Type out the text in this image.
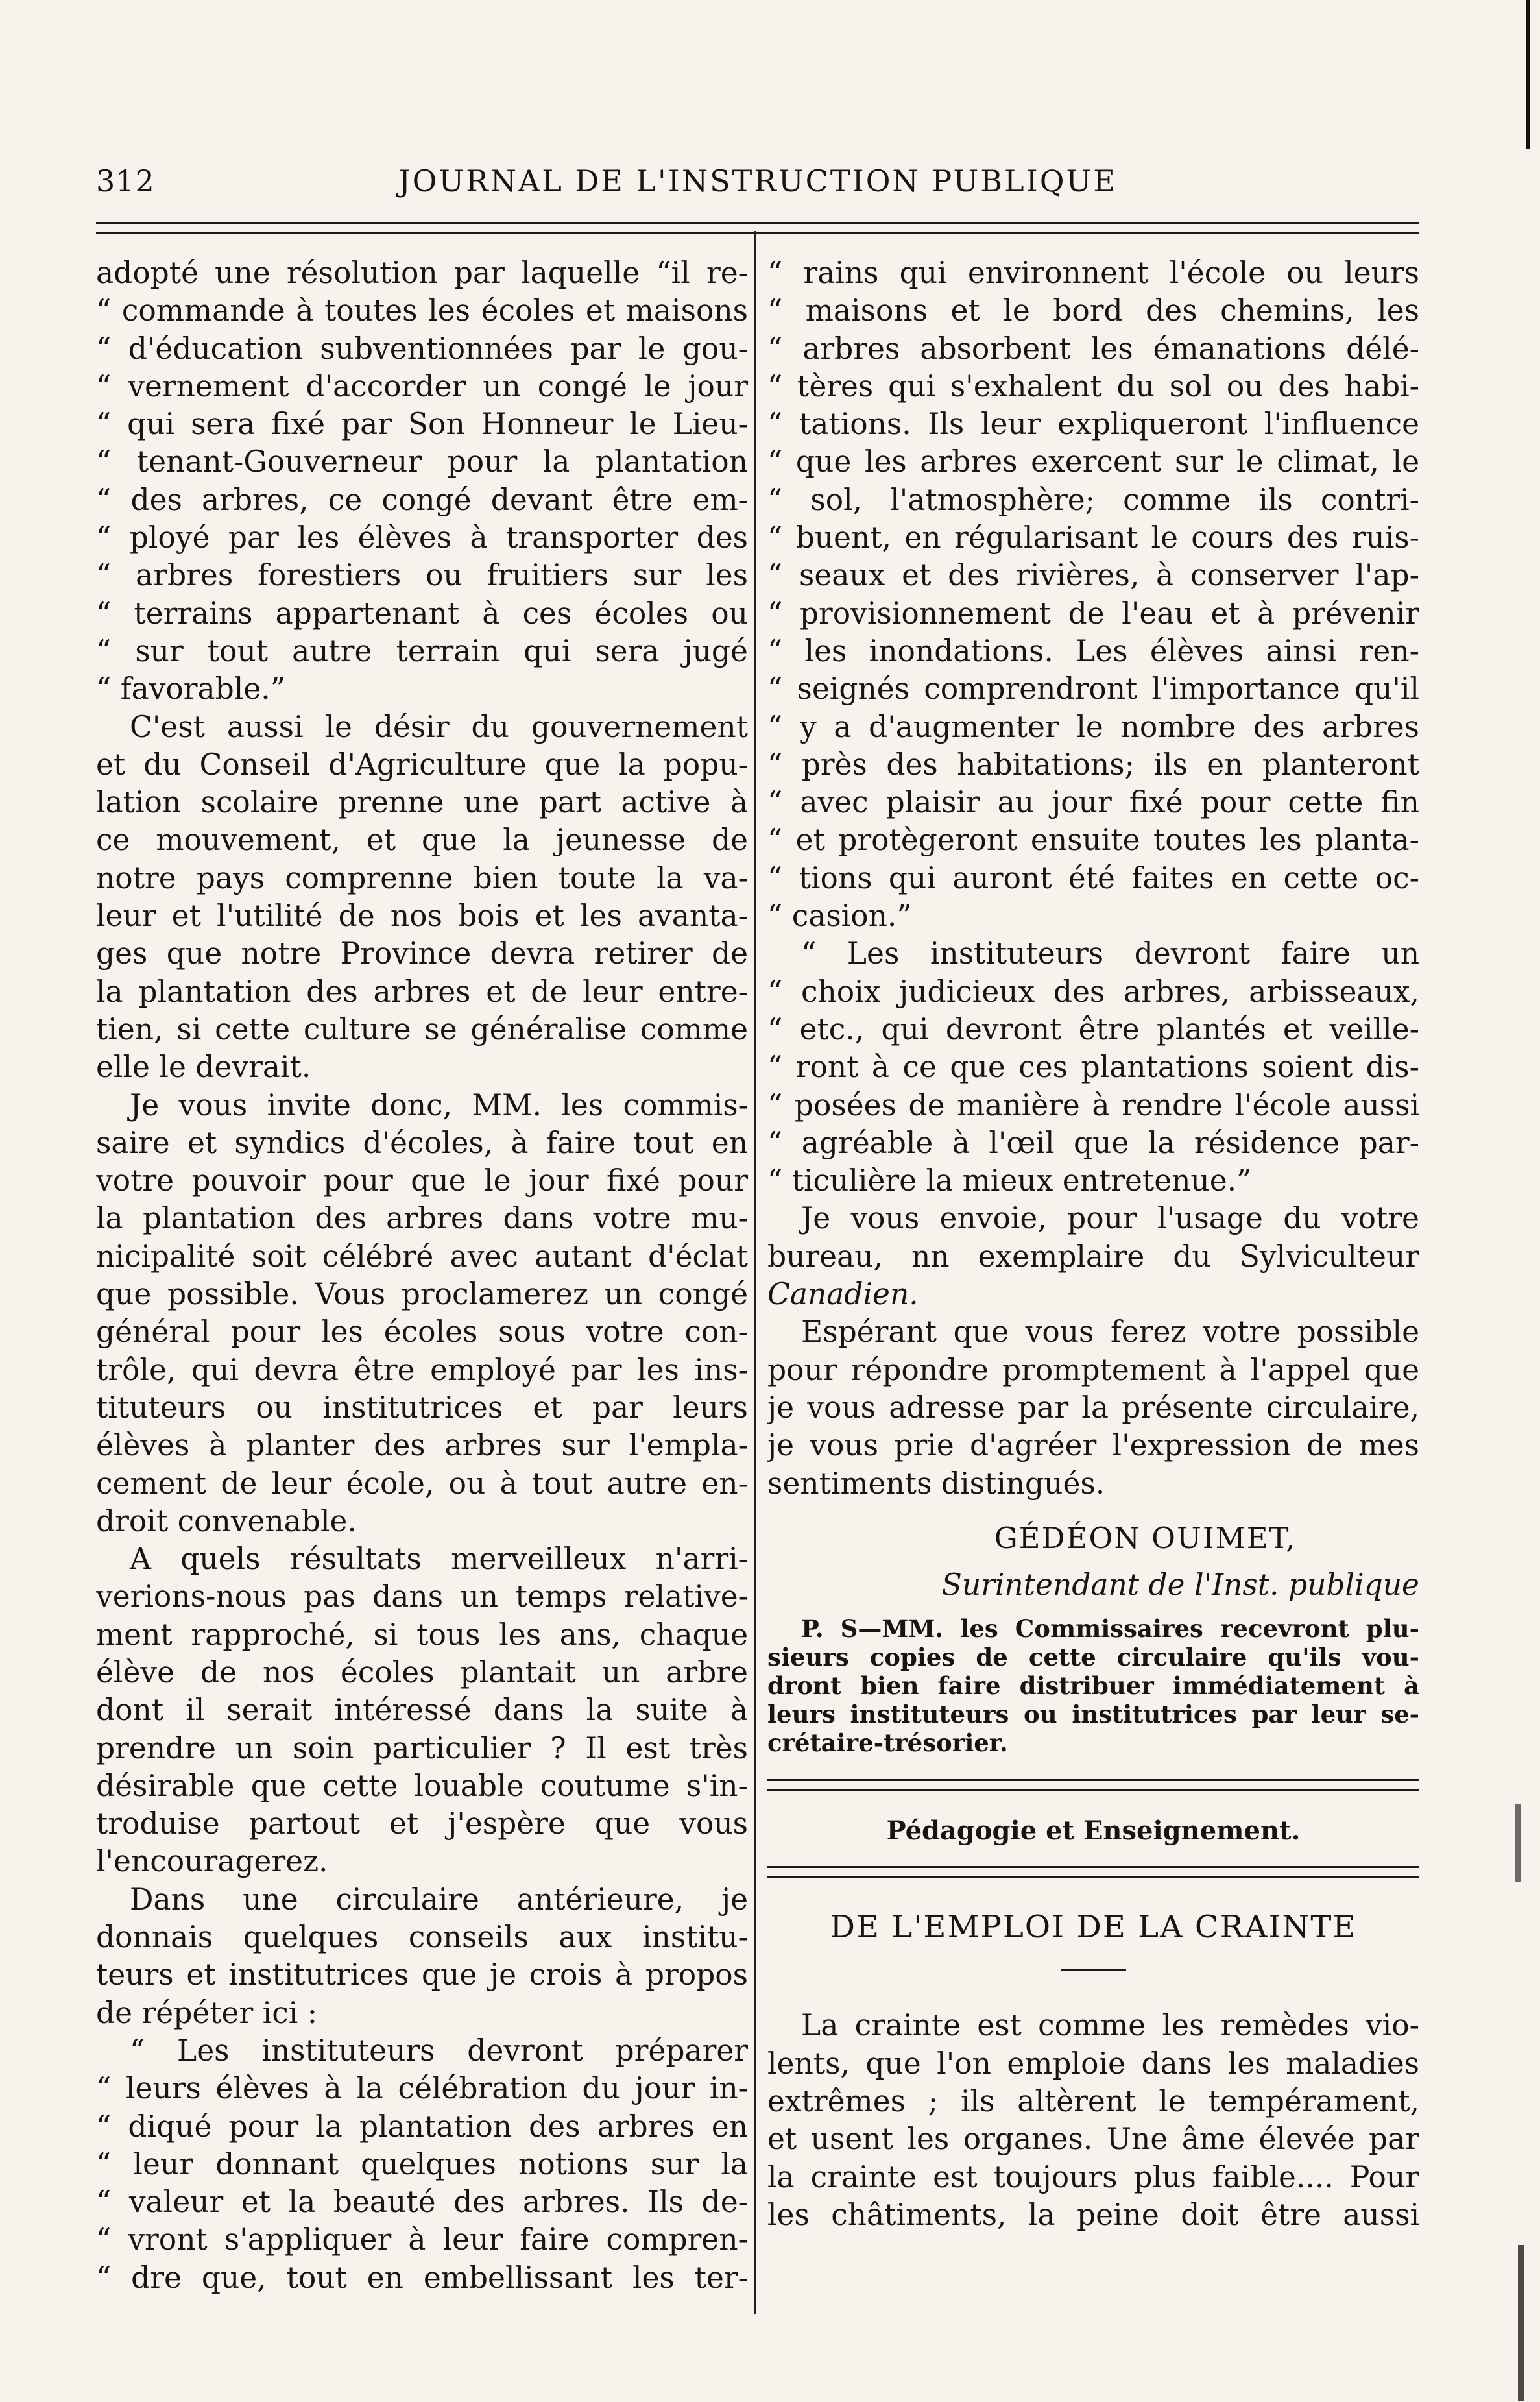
312	JOURNAL DE L'INSTRUCTION PUBLIQUE
adopté une résolution par laquelle “il re-
“ commande à toutes les écoles et maisons
“ d'éducation subventionnées par le gou-
“ vernement d'accorder un congé le jour
“ qui sera fixé par Son Honneur le Lieu-
“ tenant-Gouverneur pour la plantation
“ des arbres, ce congé devant être em-
“ ployé par les élèves à transporter des
“ arbres forestiers ou fruitiers sur les
“ terrains appartenant à ces écoles ou
“ sur tout autre terrain qui sera jugé
“ favorable.”
C'est aussi le désir du gouvernement
et du Conseil d'Agriculture que la popu-
lation scolaire prenne une part active à
ce mouvement, et que la jeunesse de
notre pays comprenne bien toute la va-
leur et l'utilité de nos bois et les avanta-
ges que notre Province devra retirer de
la plantation des arbres et de leur entre-
tien, si cette culture se généralise comme
elle le devrait.
Je vous invite donc, MM. les commis-
saire et syndics d'écoles, à faire tout en
votre pouvoir pour que le jour fixé pour
la plantation des arbres dans votre mu-
nicipalité soit célébré avec autant d'éclat
que possible. Vous proclamerez un congé
général pour les écoles sous votre con-
trôle, qui devra être employé par les ins-
tituteurs ou institutrices et par leurs
élèves à planter des arbres sur l'empla-
cement de leur école, ou à tout autre en-
droit convenable.
A quels résultats merveilleux n'arri-
verions-nous pas dans un temps relative-
ment rapproché, si tous les ans, chaque
élève de nos écoles plantait un arbre
dont il serait intéressé dans la suite à
prendre un soin particulier ? Il est très
désirable que cette louable coutume s'in-
troduise partout et j'espère que vous
l'encouragerez.
Dans une circulaire antérieure, je
donnais quelques conseils aux institu-
teurs et institutrices que je crois à propos
de répéter ici :
“ Les instituteurs devront préparer
“ leurs élèves à la célébration du jour in-
“ diqué pour la plantation des arbres en
“ leur donnant quelques notions sur la
“ valeur et la beauté des arbres. Ils de-
“ vront s'appliquer à leur faire compren-
“ dre que, tout en embellissant les ter-
“ rains qui environnent l'école ou leurs
“ maisons et le bord des chemins, les
“ arbres absorbent les émanations délé-
“ tères qui s'exhalent du sol ou des habi-
“ tations. Ils leur expliqueront l'influence
“ que les arbres exercent sur le climat, le
“ sol, l'atmosphère; comme ils contri-
“ buent, en régularisant le cours des ruis-
“ seaux et des rivières, à conserver l'ap-
“ provisionnement de l'eau et à prévenir
“ les inondations. Les élèves ainsi ren-
“ seignés comprendront l'importance qu'il
“ y a d'augmenter le nombre des arbres
“ près des habitations; ils en planteront
“ avec plaisir au jour fixé pour cette fin
“ et protègeront ensuite toutes les planta-
“ tions qui auront été faites en cette oc-
“ casion.”
“ Les instituteurs devront faire un
“ choix judicieux des arbres, arbisseaux,
“ etc., qui devront être plantés et veille-
“ ront à ce que ces plantations soient dis-
“ posées de manière à rendre l'école aussi
“ agréable à l'œil que la résidence par-
“ ticulière la mieux entretenue.”
Je vous envoie, pour l'usage du votre
bureau, nn exemplaire du Sylviculteur
Canadien.
Espérant que vous ferez votre possible
pour répondre promptement à l'appel que
je vous adresse par la présente circulaire,
je vous prie d'agréer l'expression de mes
sentiments distingués.
GÉDÉON OUIMET,
Surintendant de l'Inst. publique
P. S—MM. les Commissaires recevront plu-
sieurs copies de cette circulaire qu'ils vou-
dront bien faire distribuer immédiatement à
leurs instituteurs ou institutrices par leur se-
crétaire-trésorier.
Pédagogie et Enseignement.
DE L'EMPLOI DE LA CRAINTE
La crainte est comme les remèdes vio-
lents, que l'on emploie dans les maladies
extrêmes ; ils altèrent le tempérament,
et usent les organes. Une âme élevée par
la crainte est toujours plus faible.... Pour
les châtiments, la peine doit être aussi
